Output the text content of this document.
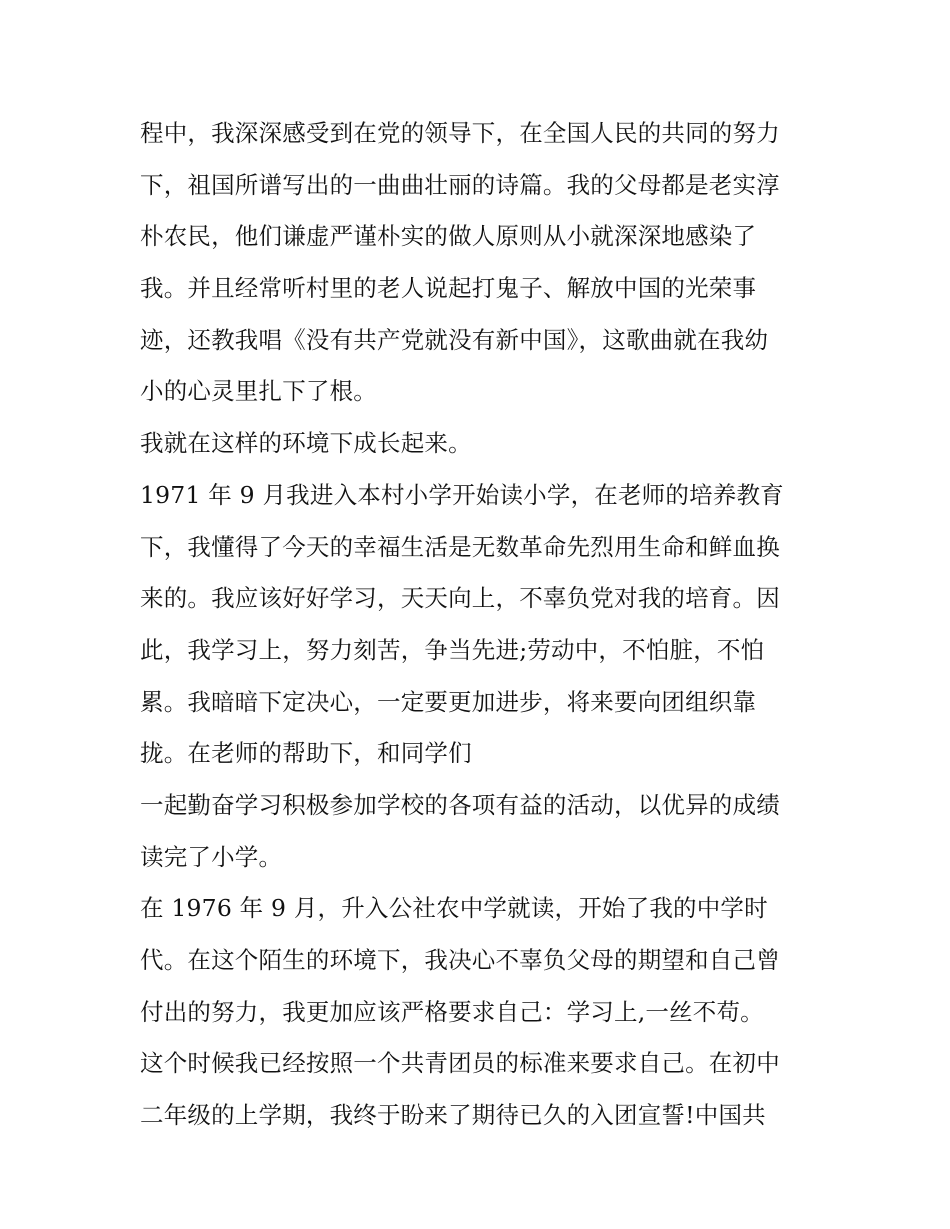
程中，我深深感受到在党的领导下，在全国人民的共同的努力
下，祖国所谱写出的一曲曲壮丽的诗篇。我的父母都是老实淳
朴农民，他们谦虚严谨朴实的做人原则从小就深深地感染了
我。并且经常听村里的老人说起打鬼子、解放中国的光荣事
迹，还教我唱《没有共产党就没有新中国》，这歌曲就在我幼
小的心灵里扎下了根。
我就在这样的环境下成长起来。
1971 年 9 月我进入本村小学开始读小学，在老师的培养教育
下，我懂得了今天的幸福生活是无数革命先烈用生命和鲜血换
来的。我应该好好学习，天天向上，不辜负党对我的培育。因
此，我学习上，努力刻苦，争当先进;劳动中，不怕脏，不怕
累。我暗暗下定决心，一定要更加进步，将来要向团组织靠
拢。在老师的帮助下，和同学们
一起勤奋学习积极参加学校的各项有益的活动，以优异的成绩
读完了小学。
在 1976 年 9 月，升入公社农中学就读，开始了我的中学时
代。在这个陌生的环境下，我决心不辜负父母的期望和自己曾
付出的努力，我更加应该严格要求自己：学习上,一丝不苟。
这个时候我已经按照一个共青团员的标准来要求自己。在初中
二年级的上学期，我终于盼来了期待已久的入团宣誓!中国共
